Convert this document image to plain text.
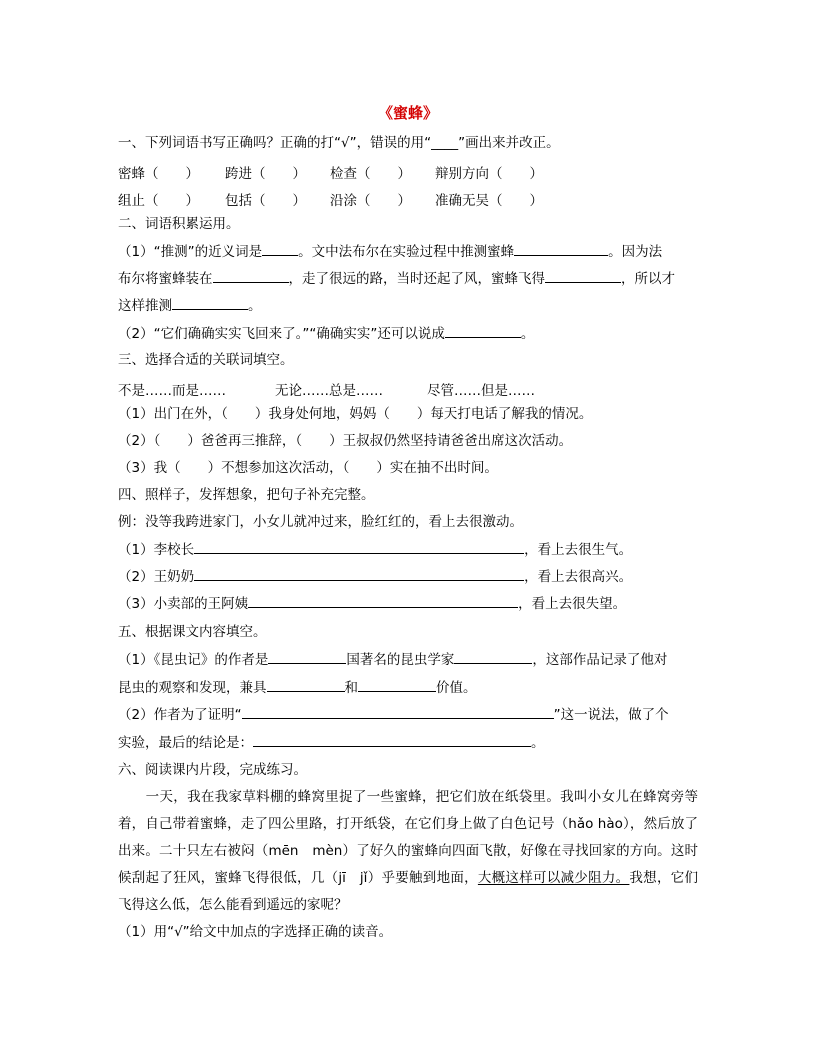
《蜜蜂》
一、下列词语书写正确吗？正确的打“√”，错误的用“____”画出来并改正。
密蜂（　　） 跨进（　　） 检查（　　） 辩别方向（　　）
组止（　　） 包括（　　） 沿涂（　　） 准确无吴（　　）
二、词语积累运用。
（1）“推测”的近义词是	。文中法布尔在实验过程中推测蜜蜂	。因为法
布尔将蜜蜂装在	，走了很远的路，当时还起了风，蜜蜂飞得	，所以才
这样推测	。
（2）“它们确确实实飞回来了。”“确确实实”还可以说成	。
三、选择合适的关联词填空。
不是……而是……	无论……总是……	尽管……但是……
（1）出门在外，（　　）我身处何地，妈妈（　　）每天打电话了解我的情况。
（2）（　　）爸爸再三推辞，（　　）王叔叔仍然坚持请爸爸出席这次活动。
（3）我（　　）不想参加这次活动，（　　）实在抽不出时间。
四、照样子，发挥想象，把句子补充完整。
例：没等我跨进家门，小女儿就冲过来，脸红红的，看上去很激动。
（1）李校长	，看上去很生气。
（2）王奶奶	，看上去很高兴。
（3）小卖部的王阿姨	，看上去很失望。
五、根据课文内容填空。
（1）《昆虫记》的作者是	国著名的昆虫学家	，这部作品记录了他对
昆虫的观察和发现，兼具	和	价值。
（2）作者为了证明“	”这一说法，做了个
实验，最后的结论是：	。
六、阅读课内片段，完成练习。
　　一天，我在我家草料棚的蜂窝里捉了一些蜜蜂，把它们放在纸袋里。我叫小女儿在蜂窝旁等着，自己带着蜜蜂，走了四公里路，打开纸袋，在它们身上做了白色记号（hǎo hào），然后放了出来。二十只左右被闷（mēn　mèn）了好久的蜜蜂向四面飞散，好像在寻找回家的方向。这时候刮起了狂风，蜜蜂飞得很低，几（jī　jǐ）乎要触到地面，大概这样可以减少阻力。我想，它们飞得这么低，怎么能看到遥远的家呢？
（1）用“√”给文中加点的字选择正确的读音。
